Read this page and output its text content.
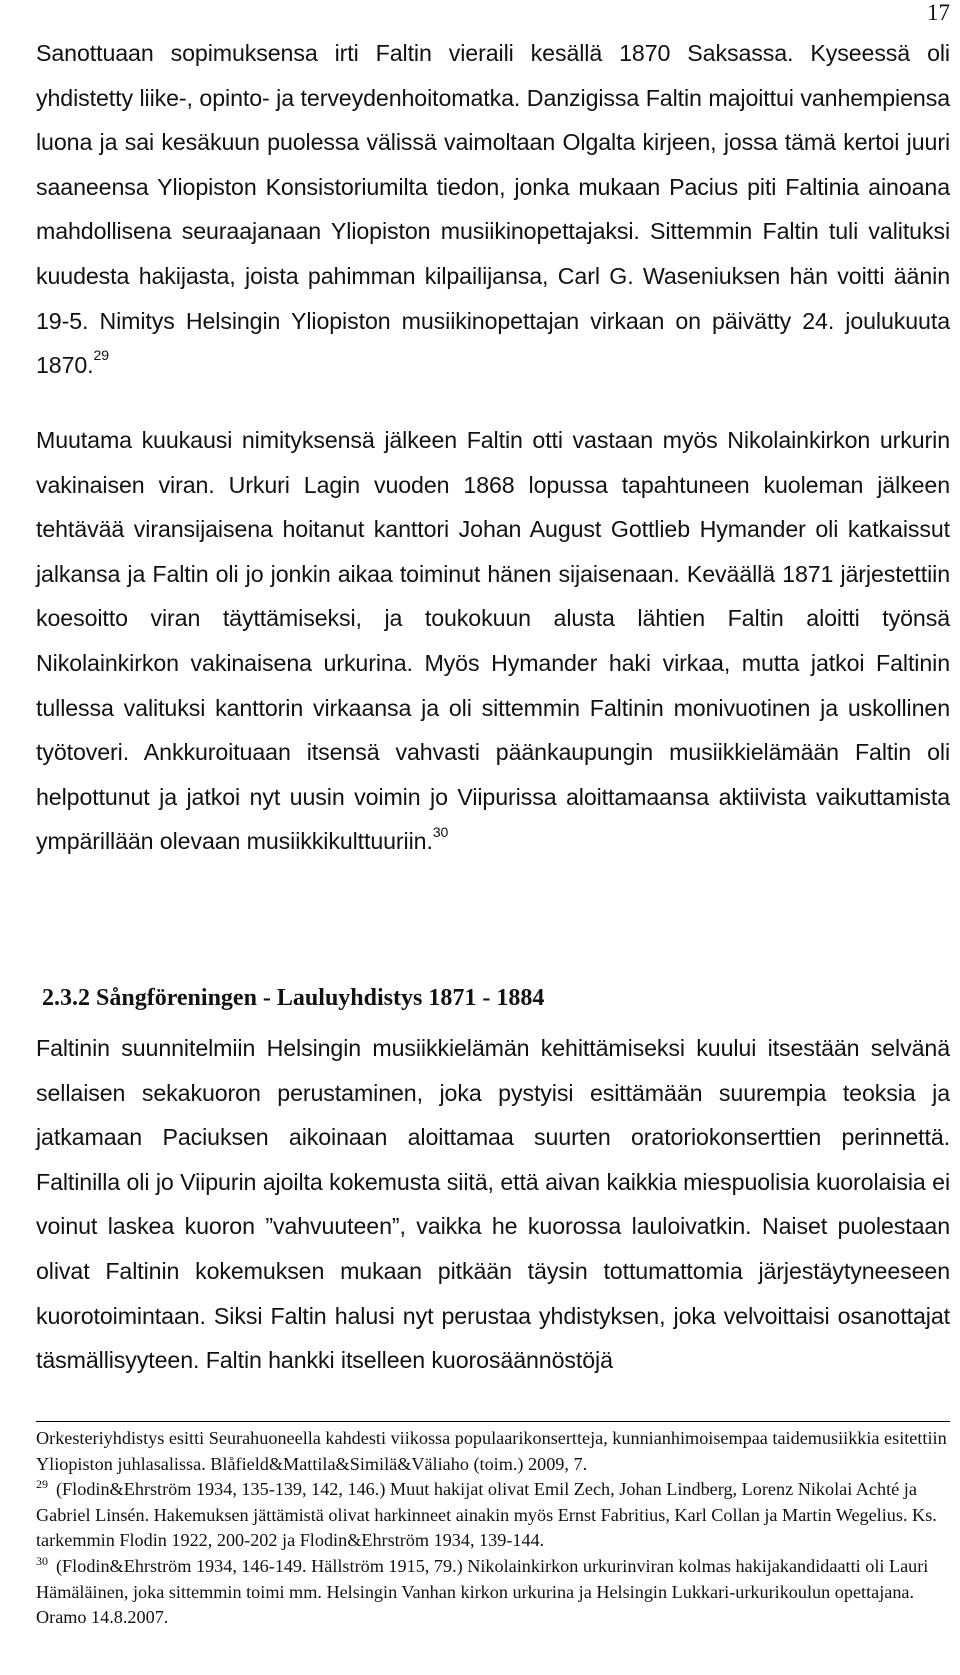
17
Sanottuaan sopimuksensa irti Faltin vieraili kesällä 1870 Saksassa. Kyseessä oli yhdistetty liike-, opinto- ja terveydenhoitomatka. Danzigissa Faltin majoittui vanhempiensa luona ja sai kesäkuun puolessa välissä vaimoltaan Olgalta kirjeen, jossa tämä kertoi juuri saaneensa Yliopiston Konsistoriumilta tiedon, jonka mukaan Pacius piti Faltinia ainoana mahdollisena seuraajanaan Yliopiston musiikinopettajaksi. Sittemmin Faltin tuli valituksi kuudesta hakijasta, joista pahimman kilpailijansa, Carl G. Waseniuksen hän voitti äänin 19-5. Nimitys Helsingin Yliopiston musiikinopettajan virkaan on päivätty 24. joulukuuta 1870.29
Muutama kuukausi nimityksensä jälkeen Faltin otti vastaan myös Nikolainkirkon urkurin vakinaisen viran. Urkuri Lagin vuoden 1868 lopussa tapahtuneen kuoleman jälkeen tehtävää viransijaisena hoitanut kanttori Johan August Gottlieb Hymander oli katkaissut jalkansa ja Faltin oli jo jonkin aikaa toiminut hänen sijaisenaan. Keväällä 1871 järjestettiin koesoitto viran täyttämiseksi, ja toukokuun alusta lähtien Faltin aloitti työnsä Nikolainkirkon vakinaisena urkurina. Myös Hymander haki virkaa, mutta jatkoi Faltinin tullessa valituksi kanttorin virkaansa ja oli sittemmin Faltinin monivuotinen ja uskollinen työtoveri. Ankkuroituaan itsensä vahvasti päänkaupungin musiikkielämään Faltin oli helpottunut ja jatkoi nyt uusin voimin jo Viipurissa aloittamaansa aktiivista vaikuttamista ympärillään olevaan musiikkikulttuuriin.$^{30}$
2.3.2 Sångföreningen - Lauluyhdistys 1871 - 1884
Faltinin suunnitelmiin Helsingin musiikkielämän kehittämiseksi kuului itsestään selvänä sellaisen sekakuoron perustaminen, joka pystyisi esittämään suurempia teoksia ja jatkamaan Paciuksen aikoinaan aloittamaa suurten oratoriokonserttien perinnettä. Faltinilla oli jo Viipurin ajoilta kokemusta siitä, että aivan kaikkia miespuolisia kuorolaisia ei voinut laskea kuoron ”vahvuuteen”, vaikka he kuorossa lauloivatkin. Naiset puolestaan olivat Faltinin kokemuksen mukaan pitkään täysin tottumattomia järjestäytyneeseen kuorotoimintaan. Siksi Faltin halusi nyt perustaa yhdistyksen, joka velvoittaisi osanottajat täsmällisyyteen. Faltin hankki itselleen kuorosäännöstöjä

Orkesteriyhdistys esitti Seurahuoneella kahdesti viikossa populaarikonsertteja, kunnianhimoisempaa taidemusiikkia esitettiin Yliopiston juhlasalissa. Blåfield&Mattila&Similä&Väliaho (toim.) 2009, 7.

$^{29}$ (Flodin&Ehrström 1934, 135-139, 142, 146.) Muut hakijat olivat Emil Zech, Johan Lindberg, Lorenz Nikolai Achté ja Gabriel Linsén. Hakemuksen jättämistä olivat harkinneet ainakin myös Ernst Fabritius, Karl Collan ja Martin Wegelius. Ks. tarkemmin Flodin 1922, 200-202 ja Flodin&Ehrström 1934, 139-144.

$^{30}$ (Flodin&Ehrström 1934, 146-149. Hällström 1915, 79.) Nikolainkirkon urkurinviran kolmas hakijakandidaatti oli Lauri Hämäläinen, joka sittemmin toimi mm. Helsingin Vanhan kirkon urkurina ja Helsingin Lukkari-urkurikoulun opettajana. Oramo 14.8.2007.
